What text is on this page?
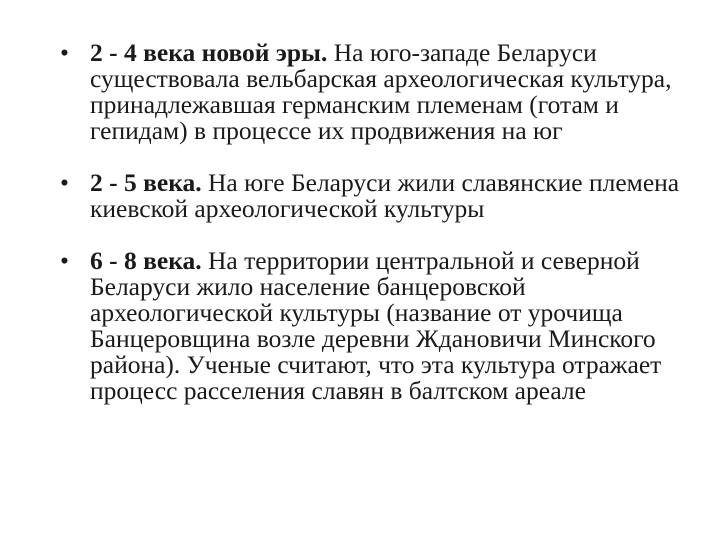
• 2 - 4 века новой эры. На юго-западе Беларуси существовала вельбарская археологическая культура, принадлежавшая германским племенам (готам и гепидам) в процессе их продвижения на юг
• 2 - 5 века. На юге Беларуси жили славянские племена киевской археологической культуры
• 6 - 8 века. На территории центральной и северной Беларуси жило население банцеровской археологической культуры (название от урочища Банцеровщина возле деревни Ждановичи Минского района). Ученые считают, что эта культура отражает процесс расселения славян в балтском ареале
